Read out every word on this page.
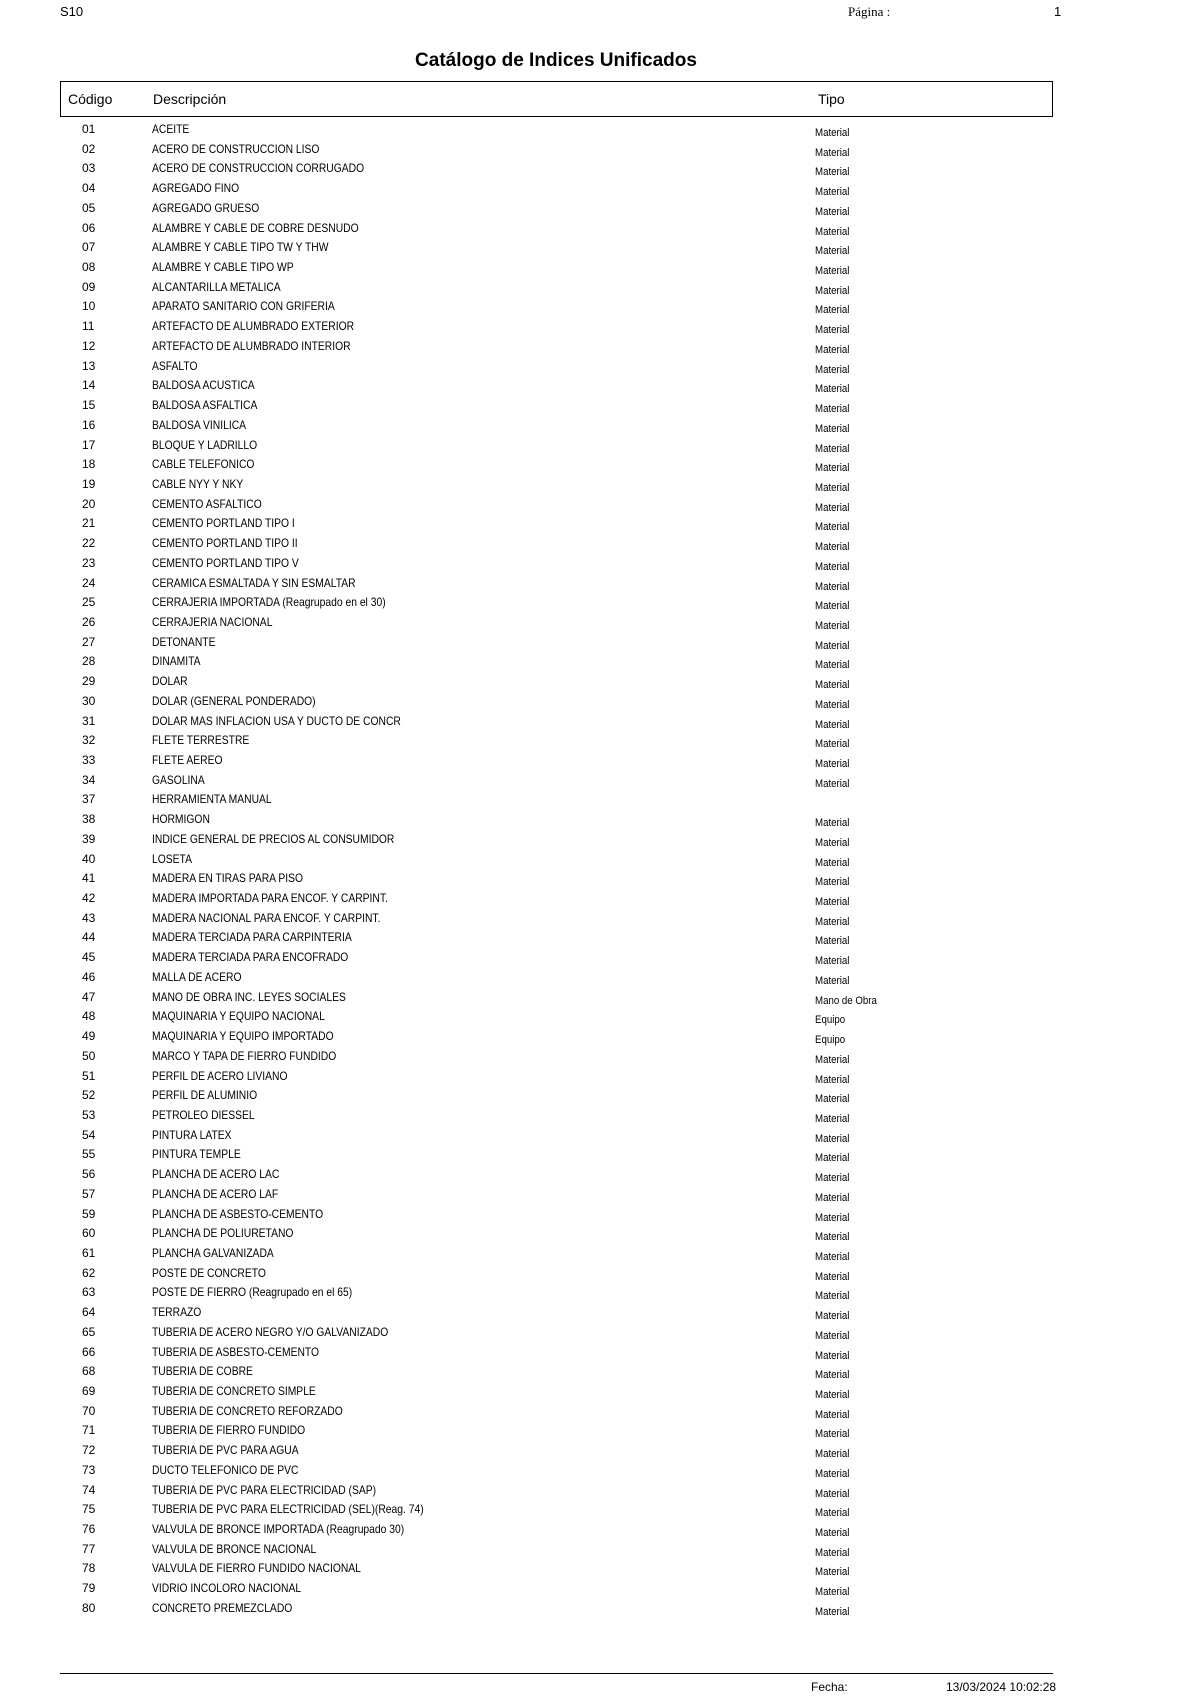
S10	Página :	1
Catálogo de Indices Unificados
Código	Descripción	Tipo
01	ACEITE	Material
02	ACERO DE CONSTRUCCION LISO	Material
03	ACERO DE CONSTRUCCION CORRUGADO	Material
04	AGREGADO FINO	Material
05	AGREGADO GRUESO	Material
06	ALAMBRE Y CABLE DE COBRE DESNUDO	Material
07	ALAMBRE Y CABLE TIPO TW Y THW	Material
08	ALAMBRE Y CABLE TIPO WP	Material
09	ALCANTARILLA METALICA	Material
10	APARATO SANITARIO CON GRIFERIA	Material
11	ARTEFACTO DE ALUMBRADO EXTERIOR	Material
12	ARTEFACTO DE ALUMBRADO INTERIOR	Material
13	ASFALTO	Material
14	BALDOSA ACUSTICA	Material
15	BALDOSA ASFALTICA	Material
16	BALDOSA VINILICA	Material
17	BLOQUE Y LADRILLO	Material
18	CABLE TELEFONICO	Material
19	CABLE NYY Y NKY	Material
20	CEMENTO ASFALTICO	Material
21	CEMENTO PORTLAND TIPO I	Material
22	CEMENTO PORTLAND TIPO II	Material
23	CEMENTO PORTLAND TIPO V	Material
24	CERAMICA ESMALTADA Y SIN ESMALTAR	Material
25	CERRAJERIA IMPORTADA (Reagrupado en el 30)	Material
26	CERRAJERIA NACIONAL	Material
27	DETONANTE	Material
28	DINAMITA	Material
29	DOLAR	Material
30	DOLAR (GENERAL PONDERADO)	Material
31	DOLAR MAS INFLACION USA Y DUCTO DE CONCR	Material
32	FLETE TERRESTRE	Material
33	FLETE AEREO	Material
34	GASOLINA	Material
37	HERRAMIENTA MANUAL
38	HORMIGON	Material
39	INDICE GENERAL DE PRECIOS AL CONSUMIDOR	Material
40	LOSETA	Material
41	MADERA EN TIRAS PARA PISO	Material
42	MADERA IMPORTADA PARA ENCOF. Y CARPINT.	Material
43	MADERA NACIONAL PARA ENCOF. Y CARPINT.	Material
44	MADERA TERCIADA PARA CARPINTERIA	Material
45	MADERA TERCIADA PARA ENCOFRADO	Material
46	MALLA DE ACERO	Material
47	MANO DE OBRA INC. LEYES SOCIALES	Mano de Obra
48	MAQUINARIA Y EQUIPO NACIONAL	Equipo
49	MAQUINARIA Y EQUIPO IMPORTADO	Equipo
50	MARCO Y TAPA DE FIERRO FUNDIDO	Material
51	PERFIL DE ACERO LIVIANO	Material
52	PERFIL DE ALUMINIO	Material
53	PETROLEO DIESSEL	Material
54	PINTURA LATEX	Material
55	PINTURA TEMPLE	Material
56	PLANCHA DE ACERO LAC	Material
57	PLANCHA DE ACERO LAF	Material
59	PLANCHA DE ASBESTO-CEMENTO	Material
60	PLANCHA DE POLIURETANO	Material
61	PLANCHA GALVANIZADA	Material
62	POSTE DE CONCRETO	Material
63	POSTE DE FIERRO (Reagrupado en el 65)	Material
64	TERRAZO	Material
65	TUBERIA DE ACERO NEGRO Y/O GALVANIZADO	Material
66	TUBERIA DE ASBESTO-CEMENTO	Material
68	TUBERIA DE COBRE	Material
69	TUBERIA DE CONCRETO SIMPLE	Material
70	TUBERIA DE CONCRETO REFORZADO	Material
71	TUBERIA DE FIERRO FUNDIDO	Material
72	TUBERIA DE PVC PARA AGUA	Material
73	DUCTO TELEFONICO DE PVC	Material
74	TUBERIA DE PVC PARA ELECTRICIDAD (SAP)	Material
75	TUBERIA DE PVC PARA ELECTRICIDAD (SEL)(Reag. 74)	Material
76	VALVULA DE BRONCE IMPORTADA (Reagrupado 30)	Material
77	VALVULA DE BRONCE NACIONAL	Material
78	VALVULA DE FIERRO FUNDIDO NACIONAL	Material
79	VIDRIO INCOLORO NACIONAL	Material
80	CONCRETO PREMEZCLADO	Material
Fecha:	13/03/2024 10:02:28
